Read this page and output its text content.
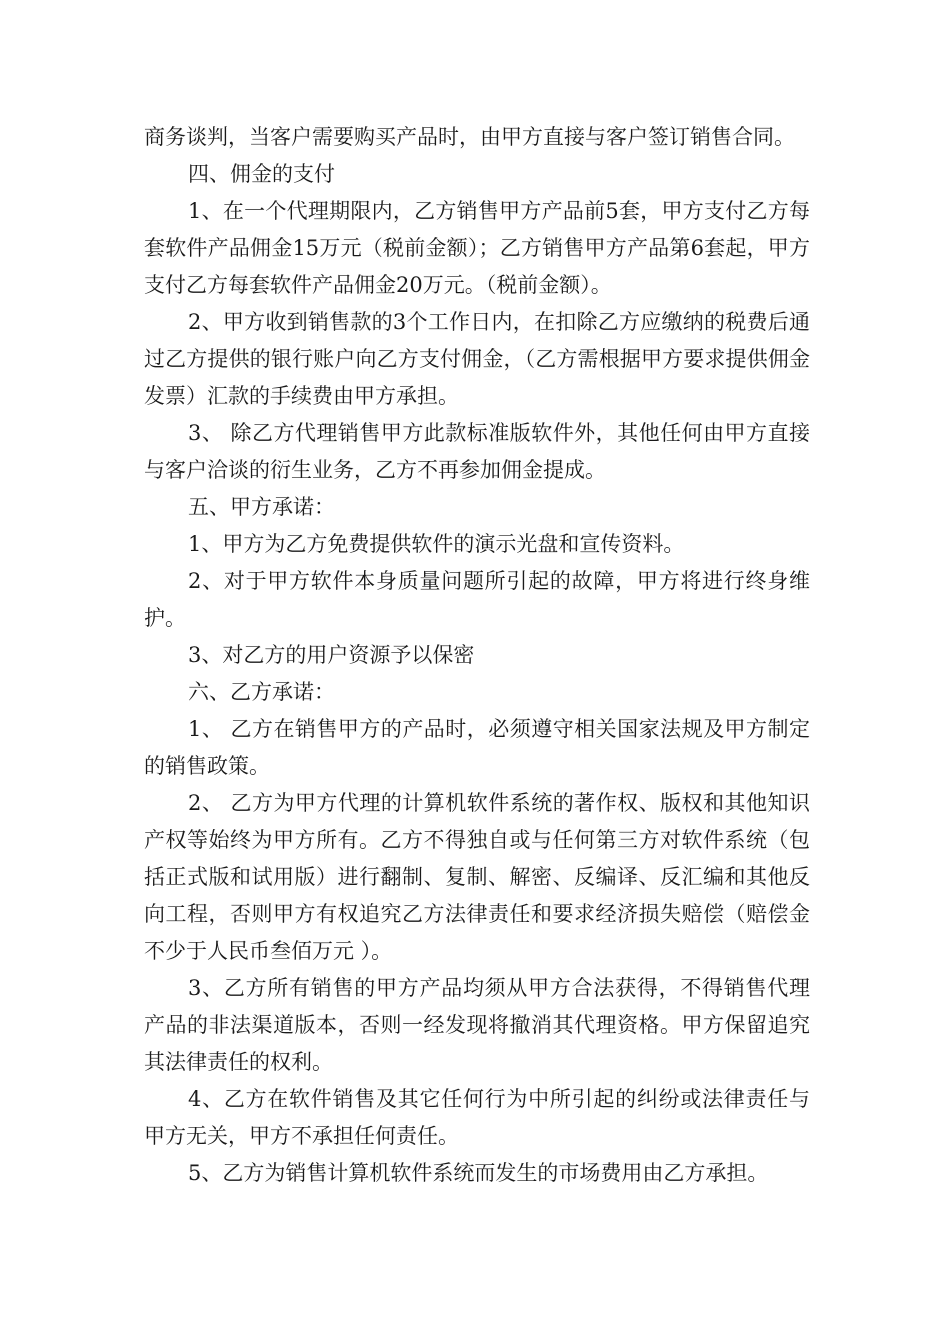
商务谈判，当客户需要购买产品时，由甲方直接与客户签订销售合同。

四、佣金的支付

1、在一个代理期限内，乙方销售甲方产品前5套，甲方支付乙方每套软件产品佣金15万元（税前金额）；乙方销售甲方产品第6套起，甲方支付乙方每套软件产品佣金20万元。（税前金额）。

2、甲方收到销售款的3个工作日内，在扣除乙方应缴纳的税费后通过乙方提供的银行账户向乙方支付佣金，（乙方需根据甲方要求提供佣金发票）汇款的手续费由甲方承担。

3、 除乙方代理销售甲方此款标准版软件外，其他任何由甲方直接与客户洽谈的衍生业务，乙方不再参加佣金提成。

五、甲方承诺：

1、甲方为乙方免费提供软件的演示光盘和宣传资料。

2、对于甲方软件本身质量问题所引起的故障，甲方将进行终身维护。

3、对乙方的用户资源予以保密

六、乙方承诺：

1、 乙方在销售甲方的产品时，必须遵守相关国家法规及甲方制定的销售政策。

2、 乙方为甲方代理的计算机软件系统的著作权、版权和其他知识产权等始终为甲方所有。乙方不得独自或与任何第三方对软件系统（包括正式版和试用版）进行翻制、复制、解密、反编译、反汇编和其他反向工程，否则甲方有权追究乙方法律责任和要求经济损失赔偿（赔偿金不少于人民币叁佰万元 ）。

3、乙方所有销售的甲方产品均须从甲方合法获得，不得销售代理产品的非法渠道版本，否则一经发现将撤消其代理资格。甲方保留追究其法律责任的权利。

4、乙方在软件销售及其它任何行为中所引起的纠纷或法律责任与甲方无关，甲方不承担任何责任。

5、乙方为销售计算机软件系统而发生的市场费用由乙方承担。
